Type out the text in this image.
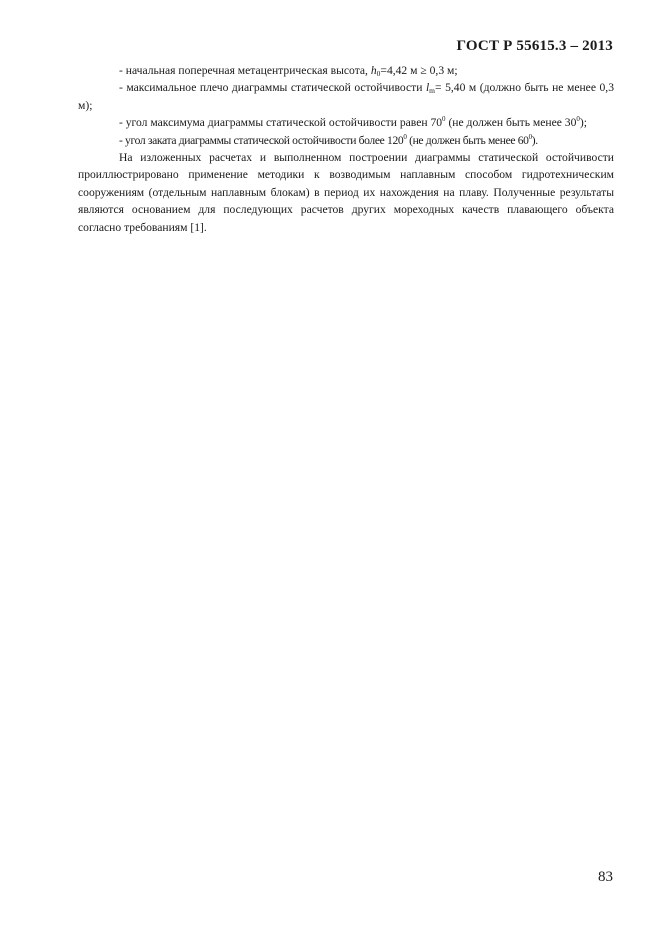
ГОСТ Р 55615.3 – 2013

- начальная поперечная метацентрическая высота, $h_0=4,42$ м ≥ 0,3 м;

- максимальное плечо диаграммы статической остойчивости $l_m= 5,40$ м (должно быть не менее 0,3 м);

- угол максимума диаграммы статической остойчивости равен $70^0$ (не должен быть менее $30^0$);

- угол заката диаграммы статической остойчивости более $120^0$ (не должен быть менее $60^0$).

На изложенных расчетах и выполненном построении диаграммы статической остойчивости проиллюстрировано применение методики к возводимым наплавным способом гидротехническим сооружениям (отдельным наплавным блокам) в период их нахождения на плаву. Полученные результаты являются основанием для последующих расчетов других мореходных качеств плавающего объекта согласно требованиям [1].

83
